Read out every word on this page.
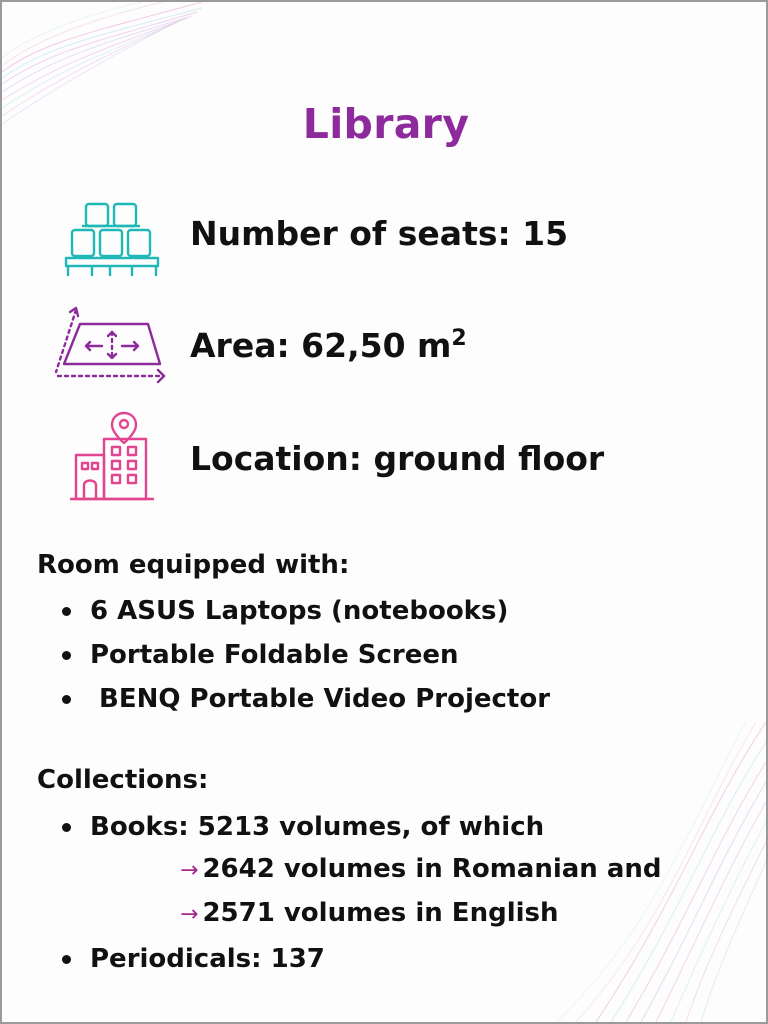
Library
Number of seats: 15
Area: 62,50 $m^2$
Location: ground floor
Room equipped with:
6 ASUS Laptops (notebooks)
Portable Foldable Screen
BENQ Portable Video Projector
Collections:
Books: 5213 volumes, of which
→ 2642 volumes in Romanian and
→ 2571 volumes in English
Periodicals: 137
